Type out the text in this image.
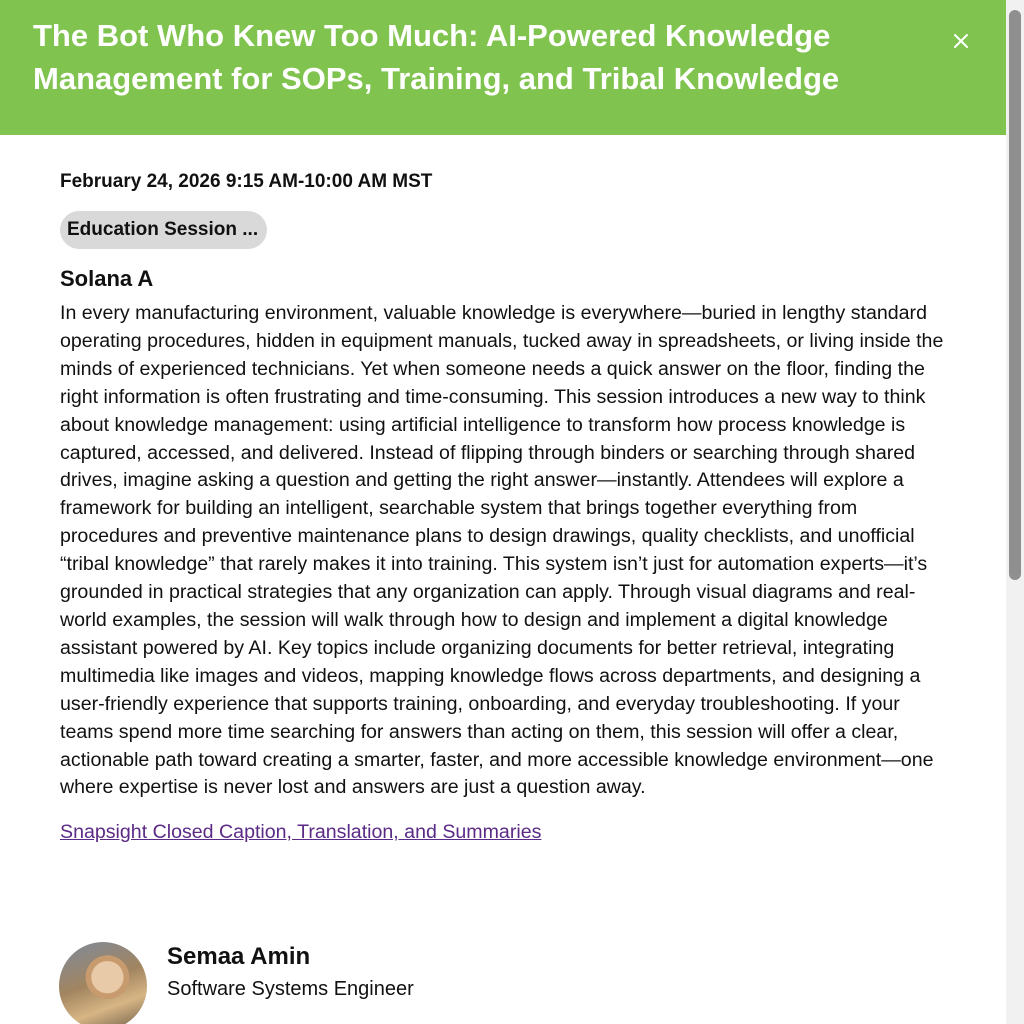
The Bot Who Knew Too Much: AI-Powered Knowledge Management for SOPs, Training, and Tribal Knowledge
February 24, 2026 9:15 AM-10:00 AM MST
Education Session ...
Solana A
In every manufacturing environment, valuable knowledge is everywhere—buried in lengthy standard operating procedures, hidden in equipment manuals, tucked away in spreadsheets, or living inside the minds of experienced technicians. Yet when someone needs a quick answer on the floor, finding the right information is often frustrating and time-consuming. This session introduces a new way to think about knowledge management: using artificial intelligence to transform how process knowledge is captured, accessed, and delivered. Instead of flipping through binders or searching through shared drives, imagine asking a question and getting the right answer—instantly. Attendees will explore a framework for building an intelligent, searchable system that brings together everything from procedures and preventive maintenance plans to design drawings, quality checklists, and unofficial “tribal knowledge” that rarely makes it into training. This system isn’t just for automation experts—it’s grounded in practical strategies that any organization can apply. Through visual diagrams and real-world examples, the session will walk through how to design and implement a digital knowledge assistant powered by AI. Key topics include organizing documents for better retrieval, integrating multimedia like images and videos, mapping knowledge flows across departments, and designing a user-friendly experience that supports training, onboarding, and everyday troubleshooting. If your teams spend more time searching for answers than acting on them, this session will offer a clear, actionable path toward creating a smarter, faster, and more accessible knowledge environment—one where expertise is never lost and answers are just a question away.
Snapsight Closed Caption, Translation, and Summaries
Semaa Amin
Software Systems Engineer
